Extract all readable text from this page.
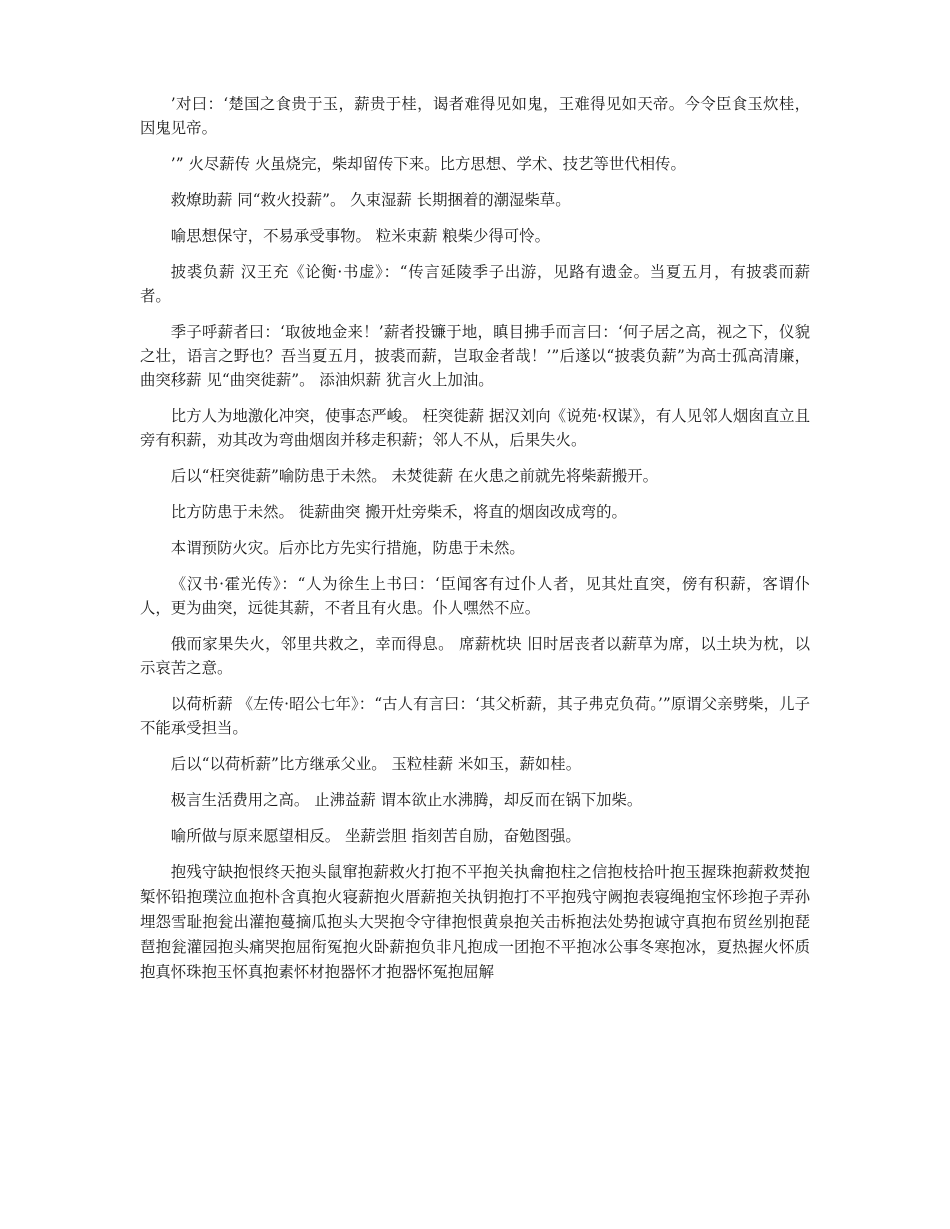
’对曰：‘楚国之食贵于玉，薪贵于桂，谒者难得见如鬼，王难得见如天帝。今令臣食玉炊桂，因鬼见帝。

’” 火尽薪传 火虽烧完，柴却留传下来。比方思想、学术、技艺等世代相传。

救燎助薪 同“救火投薪”。 久束湿薪 长期捆着的潮湿柴草。

喻思想保守，不易承受事物。 粒米束薪 粮柴少得可怜。

披裘负薪 汉王充《论衡·书虚》：“传言延陵季子出游，见路有遗金。当夏五月，有披裘而薪者。

季子呼薪者曰：‘取彼地金来！’薪者投镰于地，瞋目拂手而言曰：‘何子居之高，视之下，仪貌之壮，语言之野也？吾当夏五月，披裘而薪，岂取金者哉！’”后遂以“披裘负薪”为高士孤高清廉， 曲突移薪 见“曲突徙薪”。 添油炽薪 犹言火上加油。

比方人为地激化冲突，使事态严峻。 枉突徙薪 据汉刘向《说苑·权谋》，有人见邻人烟囱直立且旁有积薪，劝其改为弯曲烟囱并移走积薪；邻人不从，后果失火。

后以“枉突徙薪”喻防患于未然。 未焚徙薪 在火患之前就先将柴薪搬开。

比方防患于未然。 徙薪曲突 搬开灶旁柴禾，将直的烟囱改成弯的。

本谓预防火灾。后亦比方先实行措施，防患于未然。

《汉书·霍光传》：“人为徐生上书曰：‘臣闻客有过仆人者，见其灶直突，傍有积薪，客谓仆人，更为曲突，远徙其薪，不者且有火患。仆人嘿然不应。

俄而家果失火，邻里共救之，幸而得息。 席薪枕块 旧时居丧者以薪草为席，以土块为枕，以示哀苦之意。

以荷析薪 《左传·昭公七年》：“古人有言曰：‘其父析薪，其子弗克负荷。’”原谓父亲劈柴，儿子不能承受担当。

后以“以荷析薪”比方继承父业。 玉粒桂薪 米如玉，薪如桂。

极言生活费用之高。 止沸益薪 谓本欲止水沸腾，却反而在锅下加柴。

喻所做与原来愿望相反。 坐薪尝胆 指刻苦自励，奋勉图强。

抱残守缺抱恨终天抱头鼠窜抱薪救火打抱不平抱关执龠抱柱之信抱枝拾叶抱玉握珠抱薪救焚抱椠怀铅抱璞泣血抱朴含真抱火寝薪抱火厝薪抱关执钥抱打不平抱残守阙抱表寝绳抱宝怀珍抱子弄孙埋怨雪耻抱瓮出灌抱蔓摘瓜抱头大哭抱令守律抱恨黄泉抱关击柝抱法处势抱诚守真抱布贸丝别抱琵琶抱瓮灌园抱头痛哭抱屈衔冤抱火卧薪抱负非凡抱成一团抱不平抱冰公事冬寒抱冰，夏热握火怀质抱真怀珠抱玉怀真抱素怀材抱器怀才抱器怀冤抱屈解
